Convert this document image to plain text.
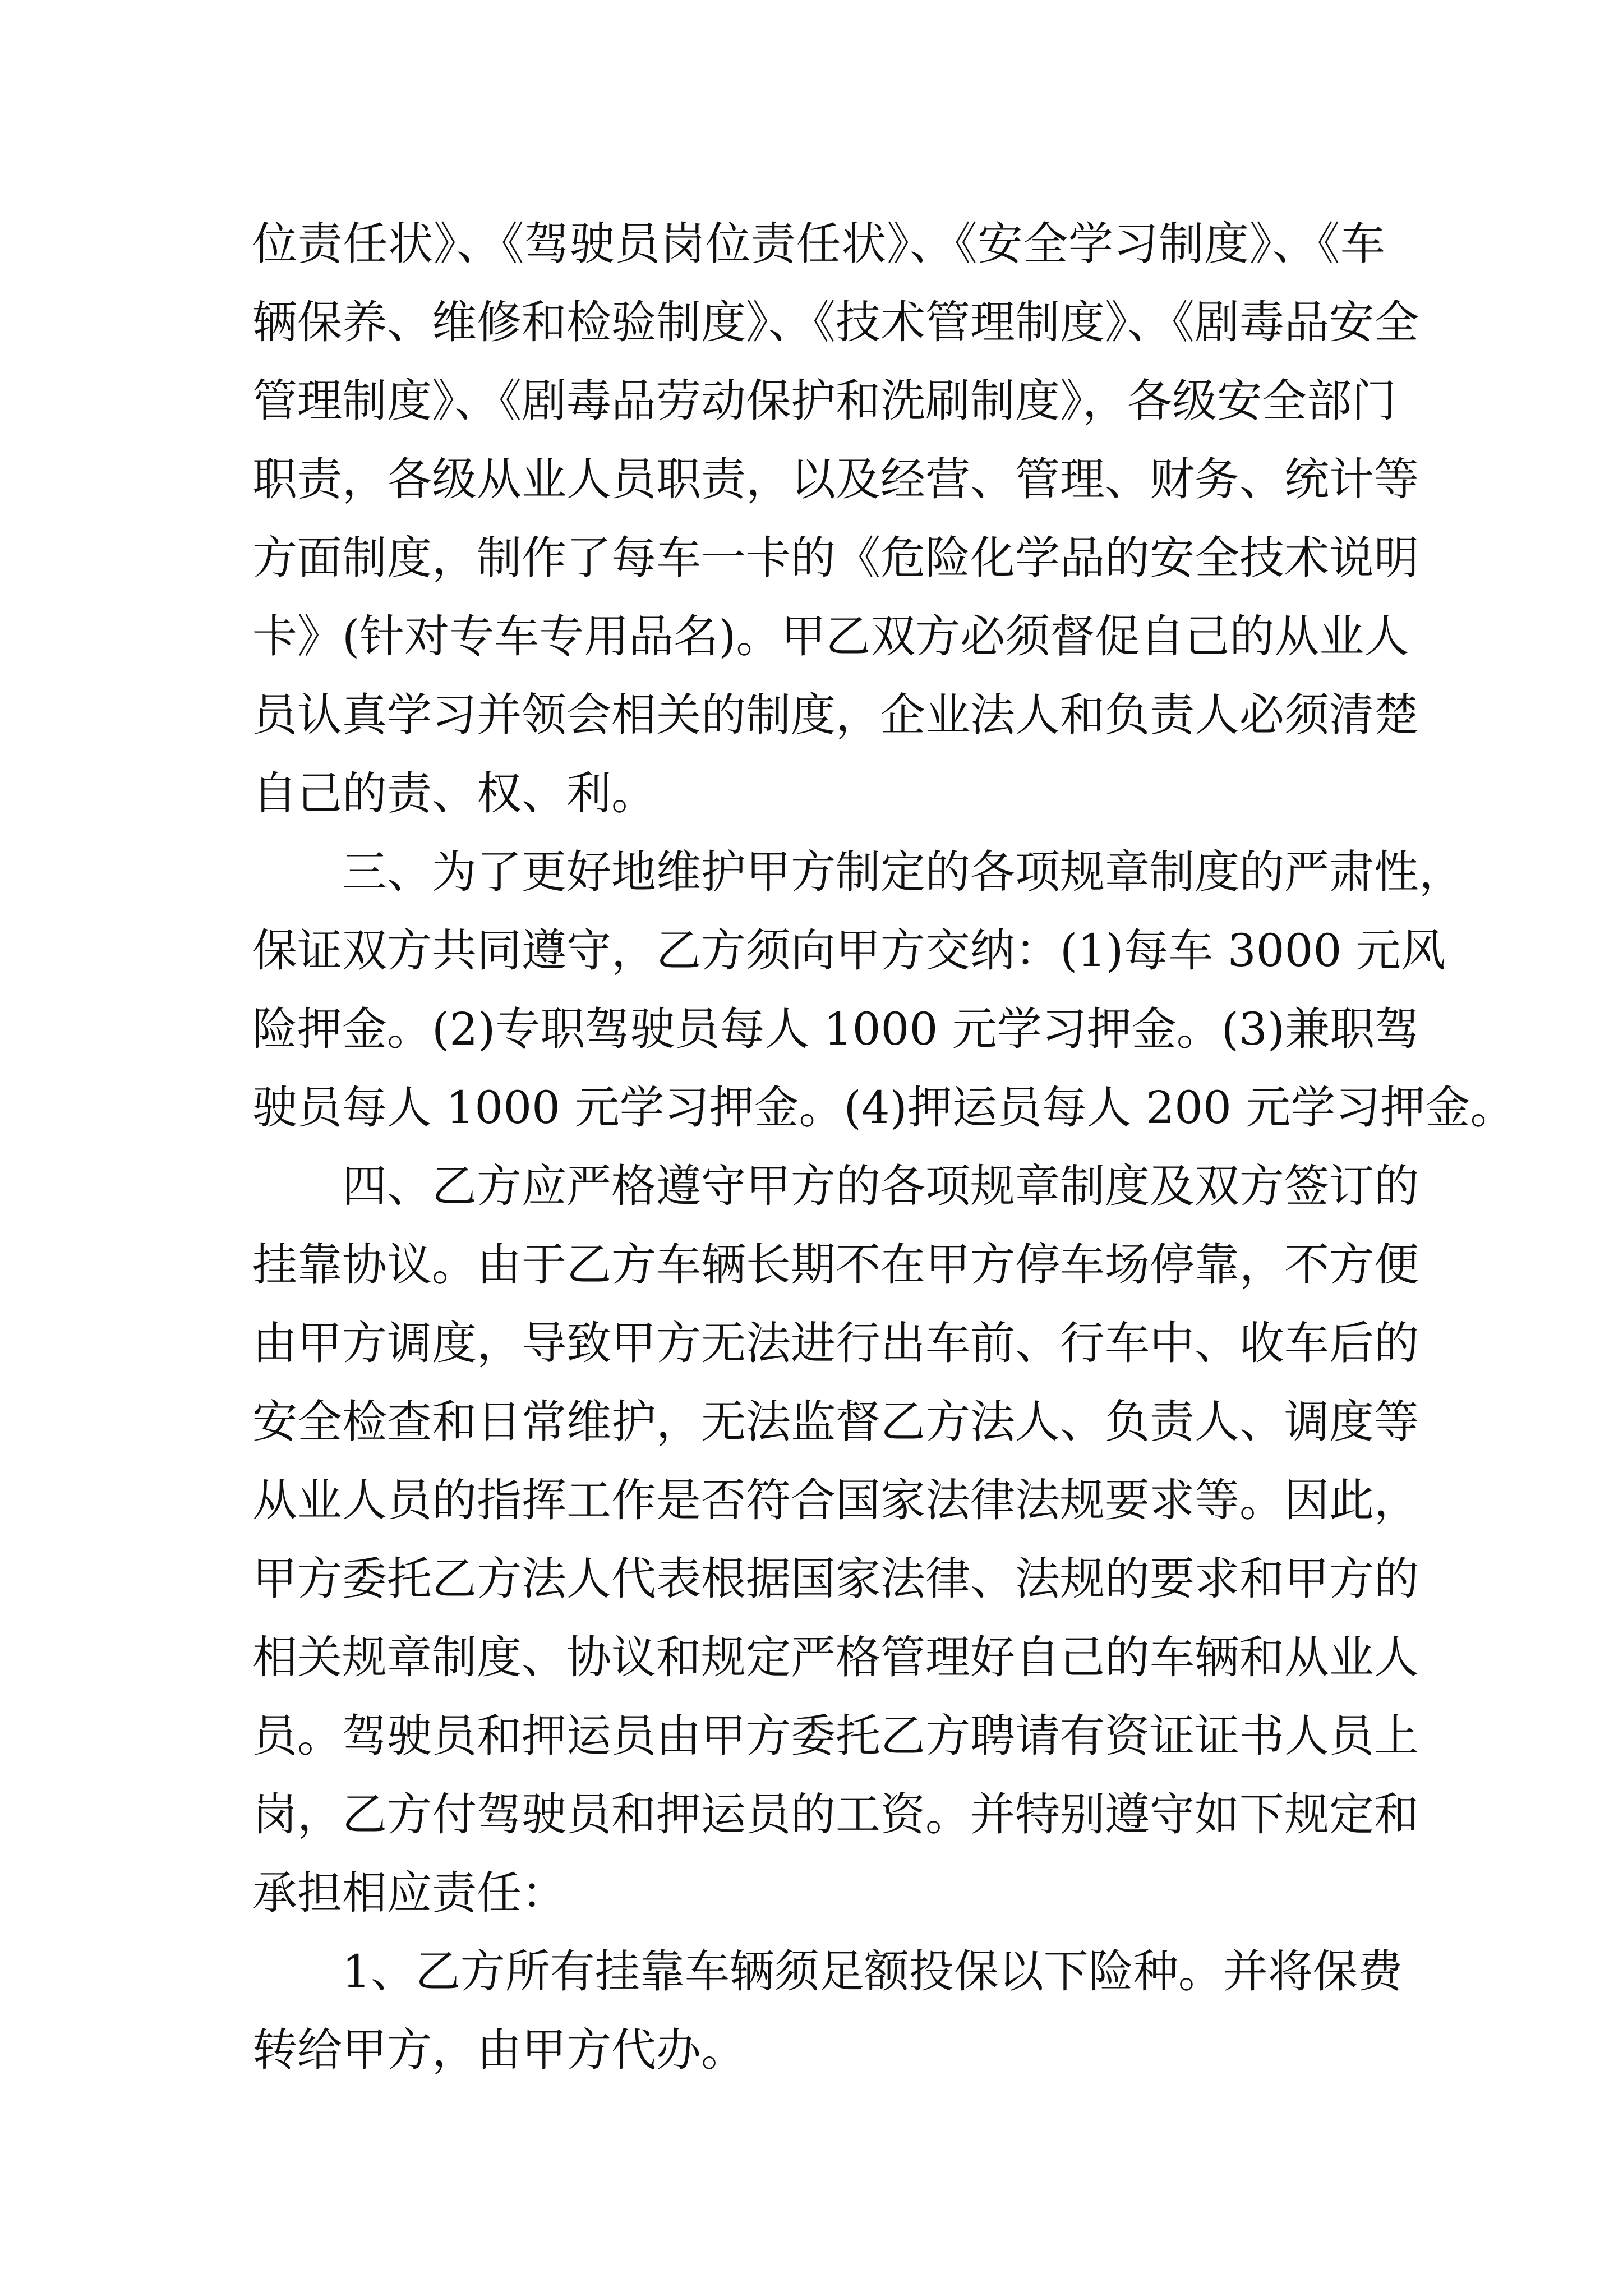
位责任状》、《驾驶员岗位责任状》、《安全学习制度》、《车
辆保养、维修和检验制度》、《技术管理制度》、《剧毒品安全
管理制度》、《剧毒品劳动保护和洗刷制度》，各级安全部门
职责，各级从业人员职责，以及经营、管理、财务、统计等
方面制度，制作了每车一卡的《危险化学品的安全技术说明
卡》(针对专车专用品名)。甲乙双方必须督促自己的从业人
员认真学习并领会相关的制度，企业法人和负责人必须清楚
自己的责、权、利。
三、为了更好地维护甲方制定的各项规章制度的严肃性，
保证双方共同遵守，乙方须向甲方交纳：(1)每车 3000 元风
险押金。(2)专职驾驶员每人 1000 元学习押金。(3)兼职驾
驶员每人 1000 元学习押金。(4)押运员每人 200 元学习押金。
四、乙方应严格遵守甲方的各项规章制度及双方签订的
挂靠协议。由于乙方车辆长期不在甲方停车场停靠，不方便
由甲方调度，导致甲方无法进行出车前、行车中、收车后的
安全检查和日常维护，无法监督乙方法人、负责人、调度等
从业人员的指挥工作是否符合国家法律法规要求等。因此，
甲方委托乙方法人代表根据国家法律、法规的要求和甲方的
相关规章制度、协议和规定严格管理好自己的车辆和从业人
员。驾驶员和押运员由甲方委托乙方聘请有资证证书人员上
岗，乙方付驾驶员和押运员的工资。并特别遵守如下规定和
承担相应责任：
1、乙方所有挂靠车辆须足额投保以下险种。并将保费
转给甲方，由甲方代办。
